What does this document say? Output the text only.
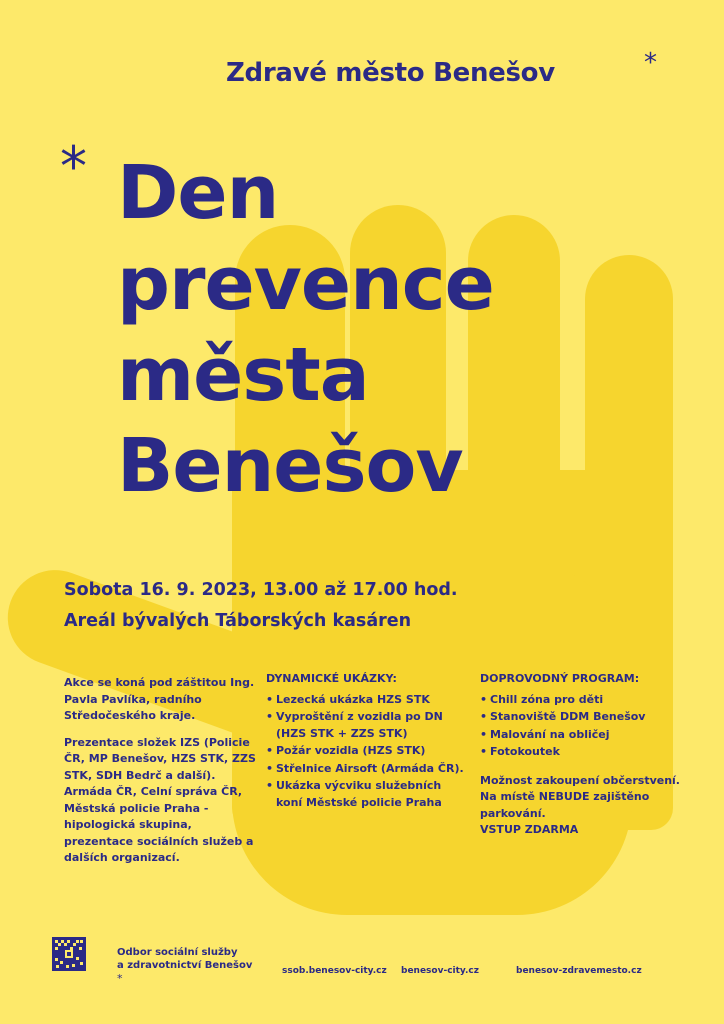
Zdravé město Benešov	*
* Den
prevence
města
Benešov
Sobota 16. 9. 2023, 13.00 až 17.00 hod.
Areál bývalých Táborských kasáren

Akce se koná pod záštitou Ing. Pavla Pavlíka, radního Středočeského kraje.

Prezentace složek IZS (Policie ČR, MP Benešov, HZS STK, ZZS STK, SDH Bedrč a další). Armáda ČR, Celní správa ČR, Městská policie Praha - hipologická skupina, prezentace sociálních služeb a dalších organizací.

DYNAMICKÉ UKÁZKY:
• Lezecká ukázka HZS STK
• Vyproštění z vozidla po DN (HZS STK + ZZS STK)
• Požár vozidla (HZS STK)
• Střelnice Airsoft (Armáda ČR).
• Ukázka výcviku služebních koní Městské policie Praha
DOPROVODNÝ PROGRAM:
• Chill zóna pro děti
• Stanoviště DDM Benešov
• Malování na obličej
• Fotokoutek

Možnost zakoupení občerstvení.

Na místě NEBUDE zajištěno parkování.

VSTUP ZDARMA

Odbor sociální služby
a zdravotnictví Benešov
*
ssob.benesov-city.cz benesov-city.cz	benesov-zdravemesto.cz
